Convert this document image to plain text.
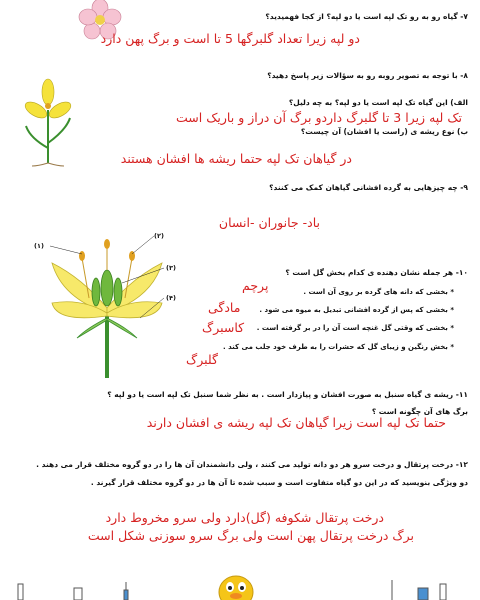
۷- گیاه رو به رو تک لپه است یا دو لپه؟ از کجا فهمیدید؟
دو لپه زیرا تعداد گلبرگها 5 تا است و برگ پهن دارد
۸- با توجه به تصویر روبه رو به سؤالات زیر پاسخ دهید؟
الف) این گیاه تک لپه است یا دو لپه؟ به چه دلیل؟
تک لپه زیرا 3 تا گلبرگ داردو برگ آن دراز و باریک است
ب) نوع ریشه ی (راست یا افشان) آن چیست؟
در گیاهان تک لپه حتما ریشه ها افشان هستند
۹- چه چیزهایی به گرده افشانی گیاهان کمک می کنند؟
باد- جانوران -انسان
(۱)
(۲)
(۳)
(۴)
۱۰- هر جمله نشان دهنده ی کدام بخش گل است ؟
پرچم	* بخشی که دانه های گرده بر روی آن است .
مادگی	* بخشی که پس از گرده افشانی تبدیل به میوه می شود .
کاسبرگ * بخشی که وقتی گل غنچه است آن را در بر گرفته است .
* بخش رنگین و زیبای گل که حشرات را به طرف خود جلب می کند .
گلبرگ
۱۱- ریشه ی گیاه سنبل به صورت افشان و پیازدار است . به نظر شما سنبل تک لپه است یا دو لپه ؟
برگ های آن چگونه است ؟
حتما تک لپه است زیرا گیاهان تک لپه ریشه ی افشان دارند
۱۲- درخت پرتقال و درخت سرو هر دو دانه تولید می کنند ، ولی دانشمندان آن ها را در دو گروه مختلف قرار می دهند .
دو ویژگی بنویسید که در این دو گیاه متفاوت است و سبب شده تا آن ها در دو گروه مختلف قرار گیرند .
درخت پرتقال شکوفه (گل)دارد ولی سرو مخروط دارد
برگ درخت پرتقال پهن است ولی برگ سرو سوزنی شکل است
